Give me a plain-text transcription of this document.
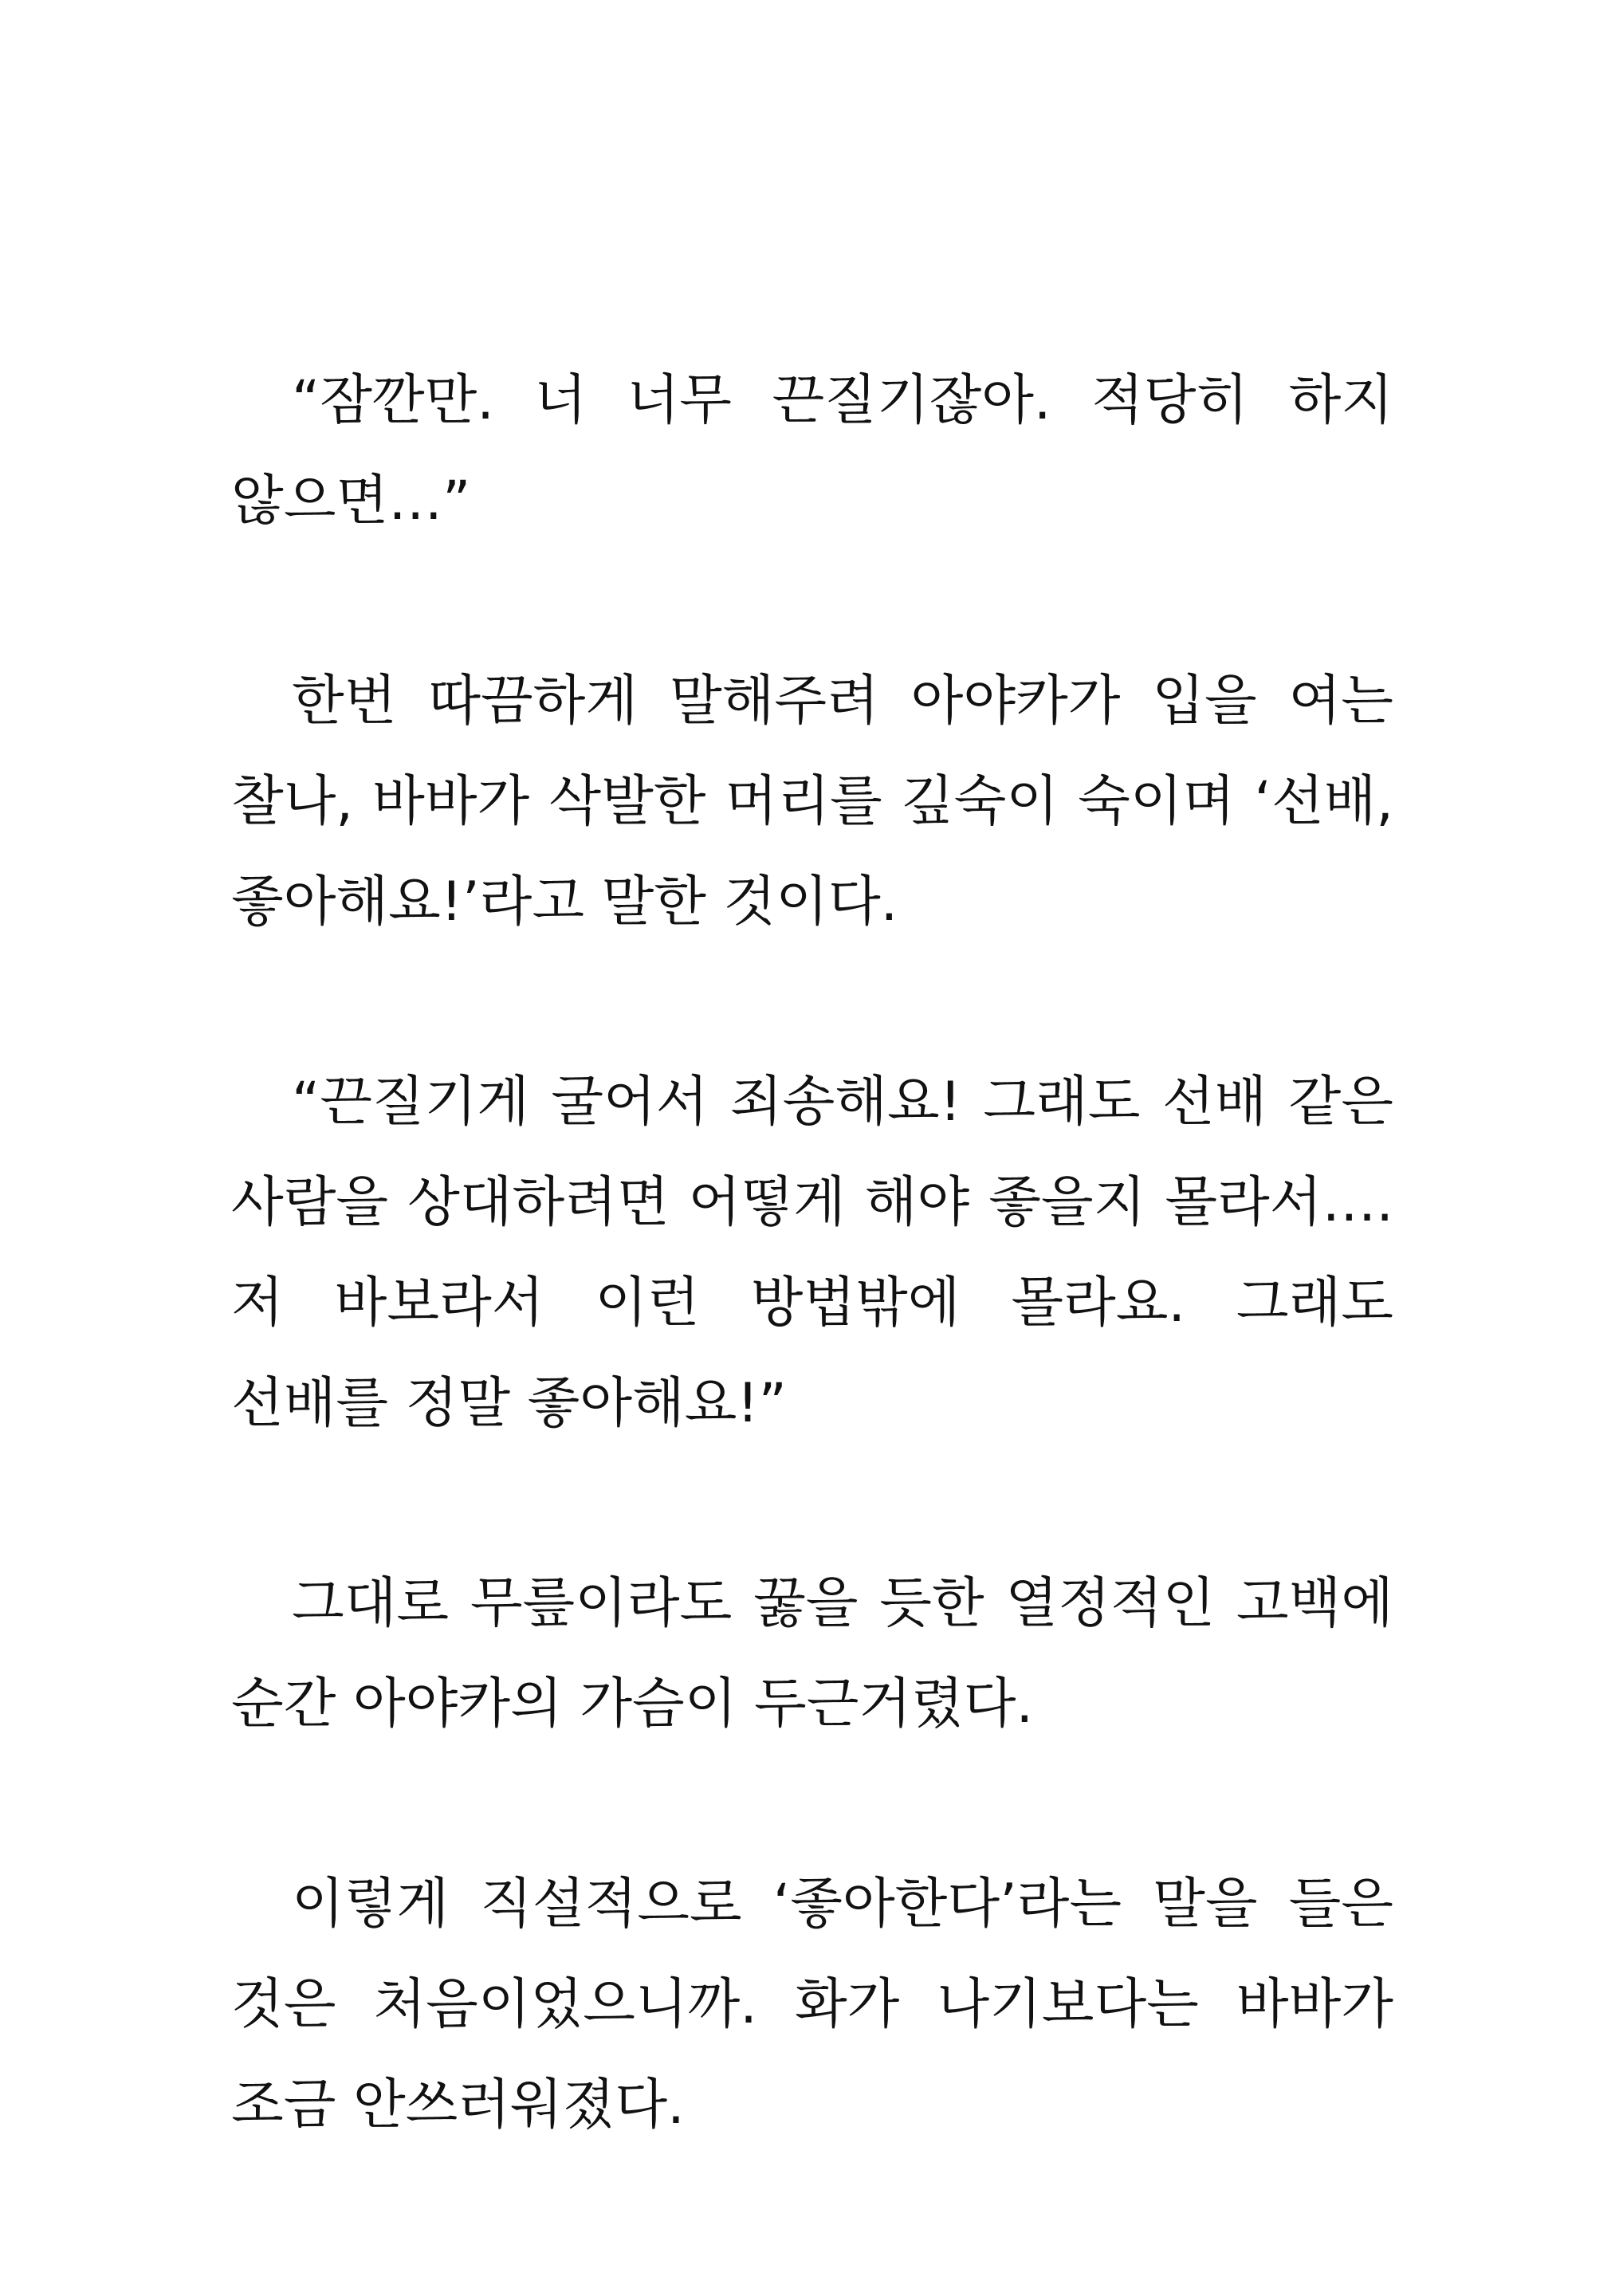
“잠깐만. 너 너무 끈질기잖아. 적당히 하지 않으면…”

한번 따끔하게 말해주려 아야카가 입을 여는 찰나, 바바가 삭발한 머리를 깊숙이 숙이며 ‘선배, 좋아해요!’라고 말한 것이다.

“끈질기게 굴어서 죄송해요! 그래도 선배 같은 사람을 상대하려면 어떻게 해야 좋을지 몰라서…. 저 바보라서 이런 방법밖에 몰라요. 그래도 선배를 정말 좋아해요!”

그대로 무릎이라도 꿇을 듯한 열정적인 고백에 순간 아야카의 가슴이 두근거렸다.

이렇게 직설적으로 ‘좋아한다’라는 말을 들은 것은 처음이었으니까. 화가 나기보다는 바바가 조금 안쓰러워졌다.
